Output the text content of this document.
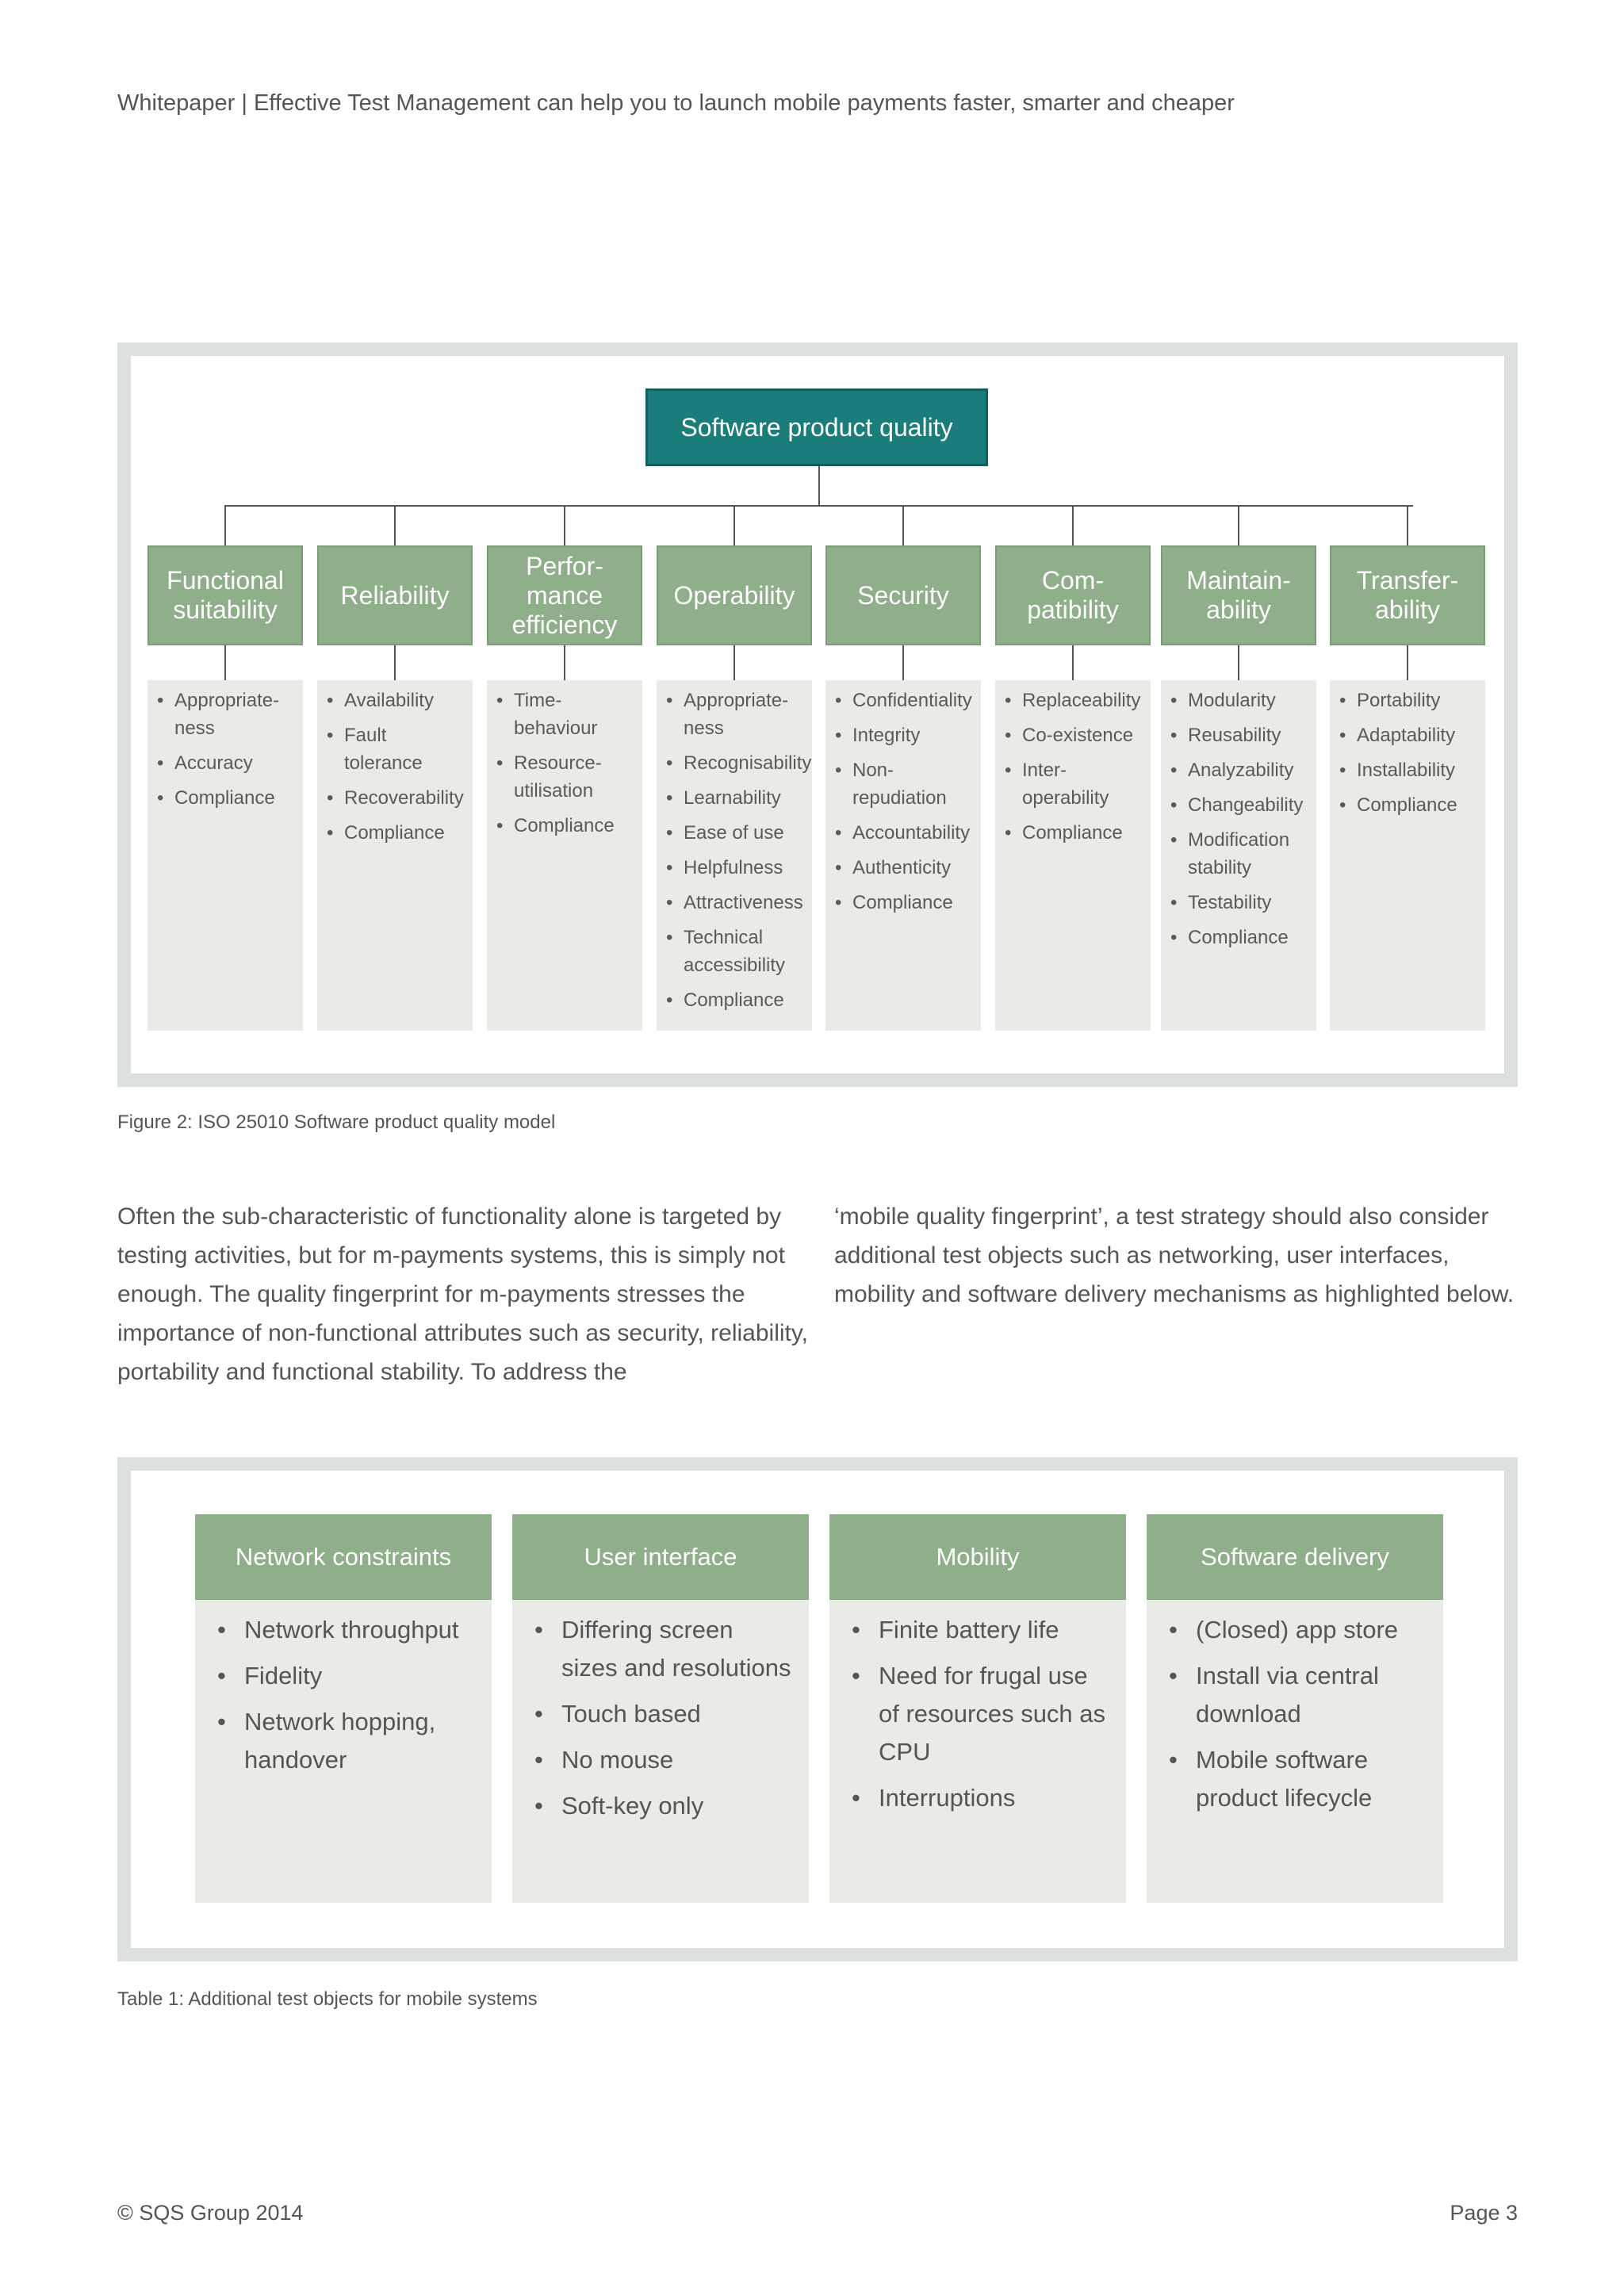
Whitepaper | Effective Test Management can help you to launch mobile payments faster, smarter and cheaper
Software product quality
Functional
suitability
• Appropriate-
ness
• Accuracy
• Compliance
Reliability
• Availability
• Fault
tolerance
• Recoverability
• Compliance
Perfor-
mance
efficiency
• Time-
behaviour
• Resource-
utilisation
• Compliance
Operability
• Appropriate-
ness
• Recognisability
• Learnability
• Ease of use
• Helpfulness
• Attractiveness
• Technical
accessibility
• Compliance
Security
• Confidentiality
• Integrity
• Non-
repudiation
• Accountability
• Authenticity
• Compliance
Com-
patibility
• Replaceability
• Co-existence
• Inter-
operability
• Compliance
Maintain-
ability
• Modularity
• Reusability
• Analyzability
• Changeability
• Modification
stability
• Testability
• Compliance
Transfer-
ability
• Portability
• Adaptability
• Installability
• Compliance
Figure 2: ISO 25010 Software product quality model
Often the sub-characteristic of functionality alone is targeted by testing activities, but for m-payments systems, this is simply not enough. The quality fingerprint for m-payments stresses the importance of non-functional attributes such as security, reliability, portability and functional stability. To address the
‘mobile quality fingerprint’, a test strategy should also consider additional test objects such as networking, user interfaces, mobility and software delivery mechanisms as highlighted below.
Network constraints
• Network throughput
• Fidelity
• Network hopping,
handover
User interface
• Differing screen
sizes and resolutions
• Touch based
• No mouse
• Soft-key only
Mobility
• Finite battery life
• Need for frugal use
of resources such as
CPU
• Interruptions
Software delivery
• (Closed) app store
• Install via central
download
• Mobile software
product lifecycle
Table 1: Additional test objects for mobile systems
© SQS Group 2014	Page 3
